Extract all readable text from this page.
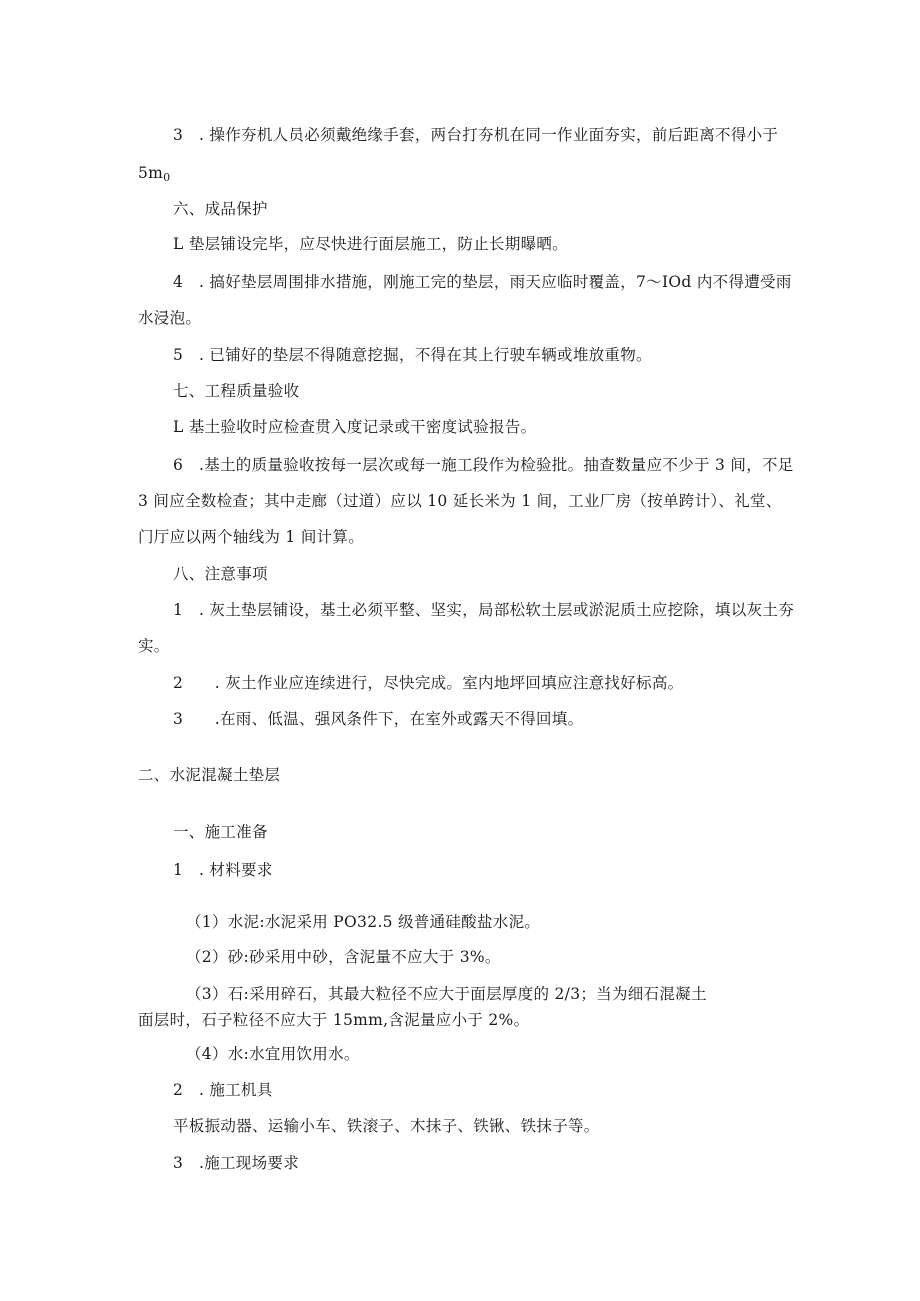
3　. 操作夯机人员必须戴绝缘手套，两台打夯机在同一作业面夯实，前后距离不得小于
$5m_0$
六、成品保护
L 垫层铺设完毕，应尽快进行面层施工，防止长期曝晒。
4　. 搞好垫层周围排水措施，刚施工完的垫层，雨天应临时覆盖，7～IOd 内不得遭受雨
水浸泡。
5　. 已铺好的垫层不得随意挖掘，不得在其上行驶车辆或堆放重物。
七、工程质量验收
L 基土验收时应检查贯入度记录或干密度试验报告。
6　.基土的质量验收按每一层次或每一施工段作为检验批。抽查数量应不少于 3 间，不足
3 间应全数检查；其中走廊（过道）应以 10 延长米为 1 间，工业厂房（按单跨计）、礼堂、
门厅应以两个轴线为 1 间计算。
八、注意事项
1　. 灰土垫层铺设，基土必须平整、坚实，局部松软土层或淤泥质土应挖除，填以灰土夯
实。
2　　. 灰土作业应连续进行，尽快完成。室内地坪回填应注意找好标高。
3　　.在雨、低温、强风条件下，在室外或露天不得回填。
二、水泥混凝土垫层
一、施工准备
1　. 材料要求
（1）水泥:水泥采用 PO32.5 级普通硅酸盐水泥。
（2）砂:砂采用中砂，含泥量不应大于 3%。
（3）石:采用碎石，其最大粒径不应大于面层厚度的 2/3；当为细石混凝土
面层时，石子粒径不应大于 15mm,含泥量应小于 2%。
（4）水:水宜用饮用水。
2　. 施工机具
平板振动器、运输小车、铁滚子、木抹子、铁锹、铁抹子等。
3　.施工现场要求
